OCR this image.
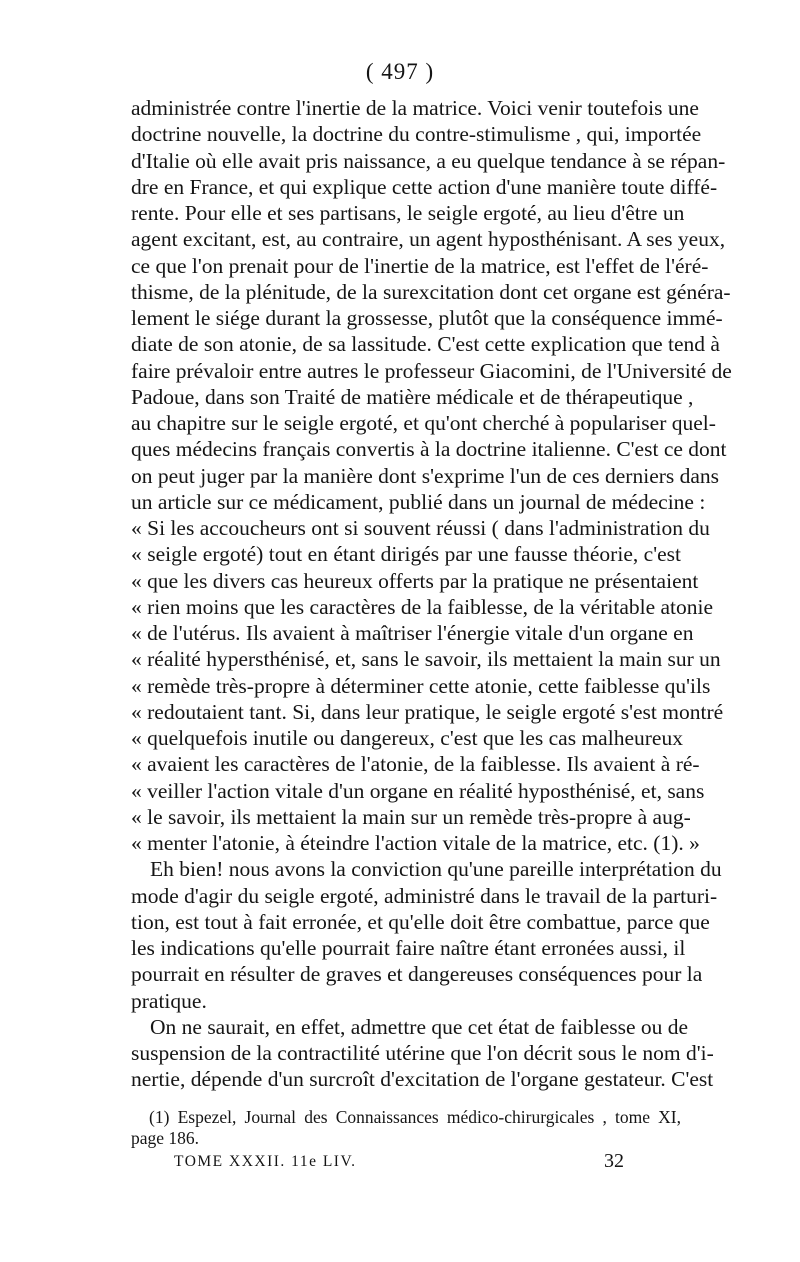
( 497 )
administrée contre l'inertie de la matrice. Voici venir toutefois une
doctrine nouvelle, la doctrine du contre-stimulisme , qui, importée
d'Italie où elle avait pris naissance, a eu quelque tendance à se répan-
dre en France, et qui explique cette action d'une manière toute diffé-
rente. Pour elle et ses partisans, le seigle ergoté, au lieu d'être un
agent excitant, est, au contraire, un agent hyposthénisant. A ses yeux,
ce que l'on prenait pour de l'inertie de la matrice, est l'effet de l'éré-
thisme, de la plénitude, de la surexcitation dont cet organe est généra-
lement le siége durant la grossesse, plutôt que la conséquence immé-
diate de son atonie, de sa lassitude. C'est cette explication que tend à
faire prévaloir entre autres le professeur Giacomini, de l'Université de
Padoue, dans son Traité de matière médicale et de thérapeutique ,
au chapitre sur le seigle ergoté, et qu'ont cherché à populariser quel-
ques médecins français convertis à la doctrine italienne. C'est ce dont
on peut juger par la manière dont s'exprime l'un de ces derniers dans
un article sur ce médicament, publié dans un journal de médecine :
« Si les accoucheurs ont si souvent réussi ( dans l'administration du
« seigle ergoté) tout en étant dirigés par une fausse théorie, c'est
« que les divers cas heureux offerts par la pratique ne présentaient
« rien moins que les caractères de la faiblesse, de la véritable atonie
« de l'utérus. Ils avaient à maîtriser l'énergie vitale d'un organe en
« réalité hypersthénisé, et, sans le savoir, ils mettaient la main sur un
« remède très-propre à déterminer cette atonie, cette faiblesse qu'ils
« redoutaient tant. Si, dans leur pratique, le seigle ergoté s'est montré
« quelquefois inutile ou dangereux, c'est que les cas malheureux
« avaient les caractères de l'atonie, de la faiblesse. Ils avaient à ré-
« veiller l'action vitale d'un organe en réalité hyposthénisé, et, sans
« le savoir, ils mettaient la main sur un remède très-propre à aug-
« menter l'atonie, à éteindre l'action vitale de la matrice, etc. (1). »
Eh bien! nous avons la conviction qu'une pareille interprétation du
mode d'agir du seigle ergoté, administré dans le travail de la parturi-
tion, est tout à fait erronée, et qu'elle doit être combattue, parce que
les indications qu'elle pourrait faire naître étant erronées aussi, il
pourrait en résulter de graves et dangereuses conséquences pour la
pratique.
On ne saurait, en effet, admettre que cet état de faiblesse ou de
suspension de la contractilité utérine que l'on décrit sous le nom d'i-
nertie, dépende d'un surcroît d'excitation de l'organe gestateur. C'est
(1) Espezel, Journal des Connaissances médico-chirurgicales , tome XI,
page 186.
TOME XXXII. 11e LIV.	32
